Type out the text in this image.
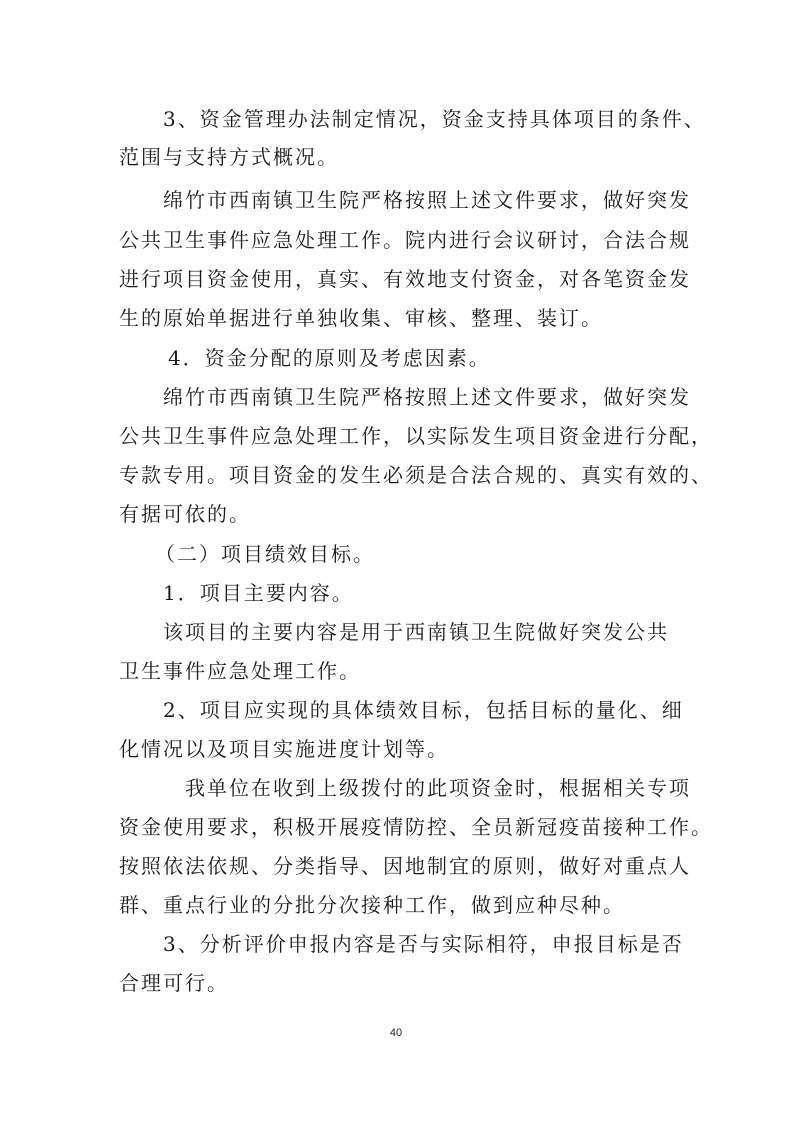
3、资金管理办法制定情况，资金支持具体项目的条件、
范围与支持方式概况。
绵竹市西南镇卫生院严格按照上述文件要求，做好突发
公共卫生事件应急处理工作。院内进行会议研讨，合法合规
进行项目资金使用，真实、有效地支付资金，对各笔资金发
生的原始单据进行单独收集、审核、整理、装订。
4．资金分配的原则及考虑因素。
绵竹市西南镇卫生院严格按照上述文件要求，做好突发
公共卫生事件应急处理工作，以实际发生项目资金进行分配，
专款专用。项目资金的发生必须是合法合规的、真实有效的、
有据可依的。
（二）项目绩效目标。
1．项目主要内容。
该项目的主要内容是用于西南镇卫生院做好突发公共
卫生事件应急处理工作。
2、项目应实现的具体绩效目标，包括目标的量化、细
化情况以及项目实施进度计划等。
我单位在收到上级拨付的此项资金时，根据相关专项
资金使用要求，积极开展疫情防控、全员新冠疫苗接种工作。
按照依法依规、分类指导、因地制宜的原则，做好对重点人
群、重点行业的分批分次接种工作，做到应种尽种。
3、分析评价申报内容是否与实际相符，申报目标是否
合理可行。
40
